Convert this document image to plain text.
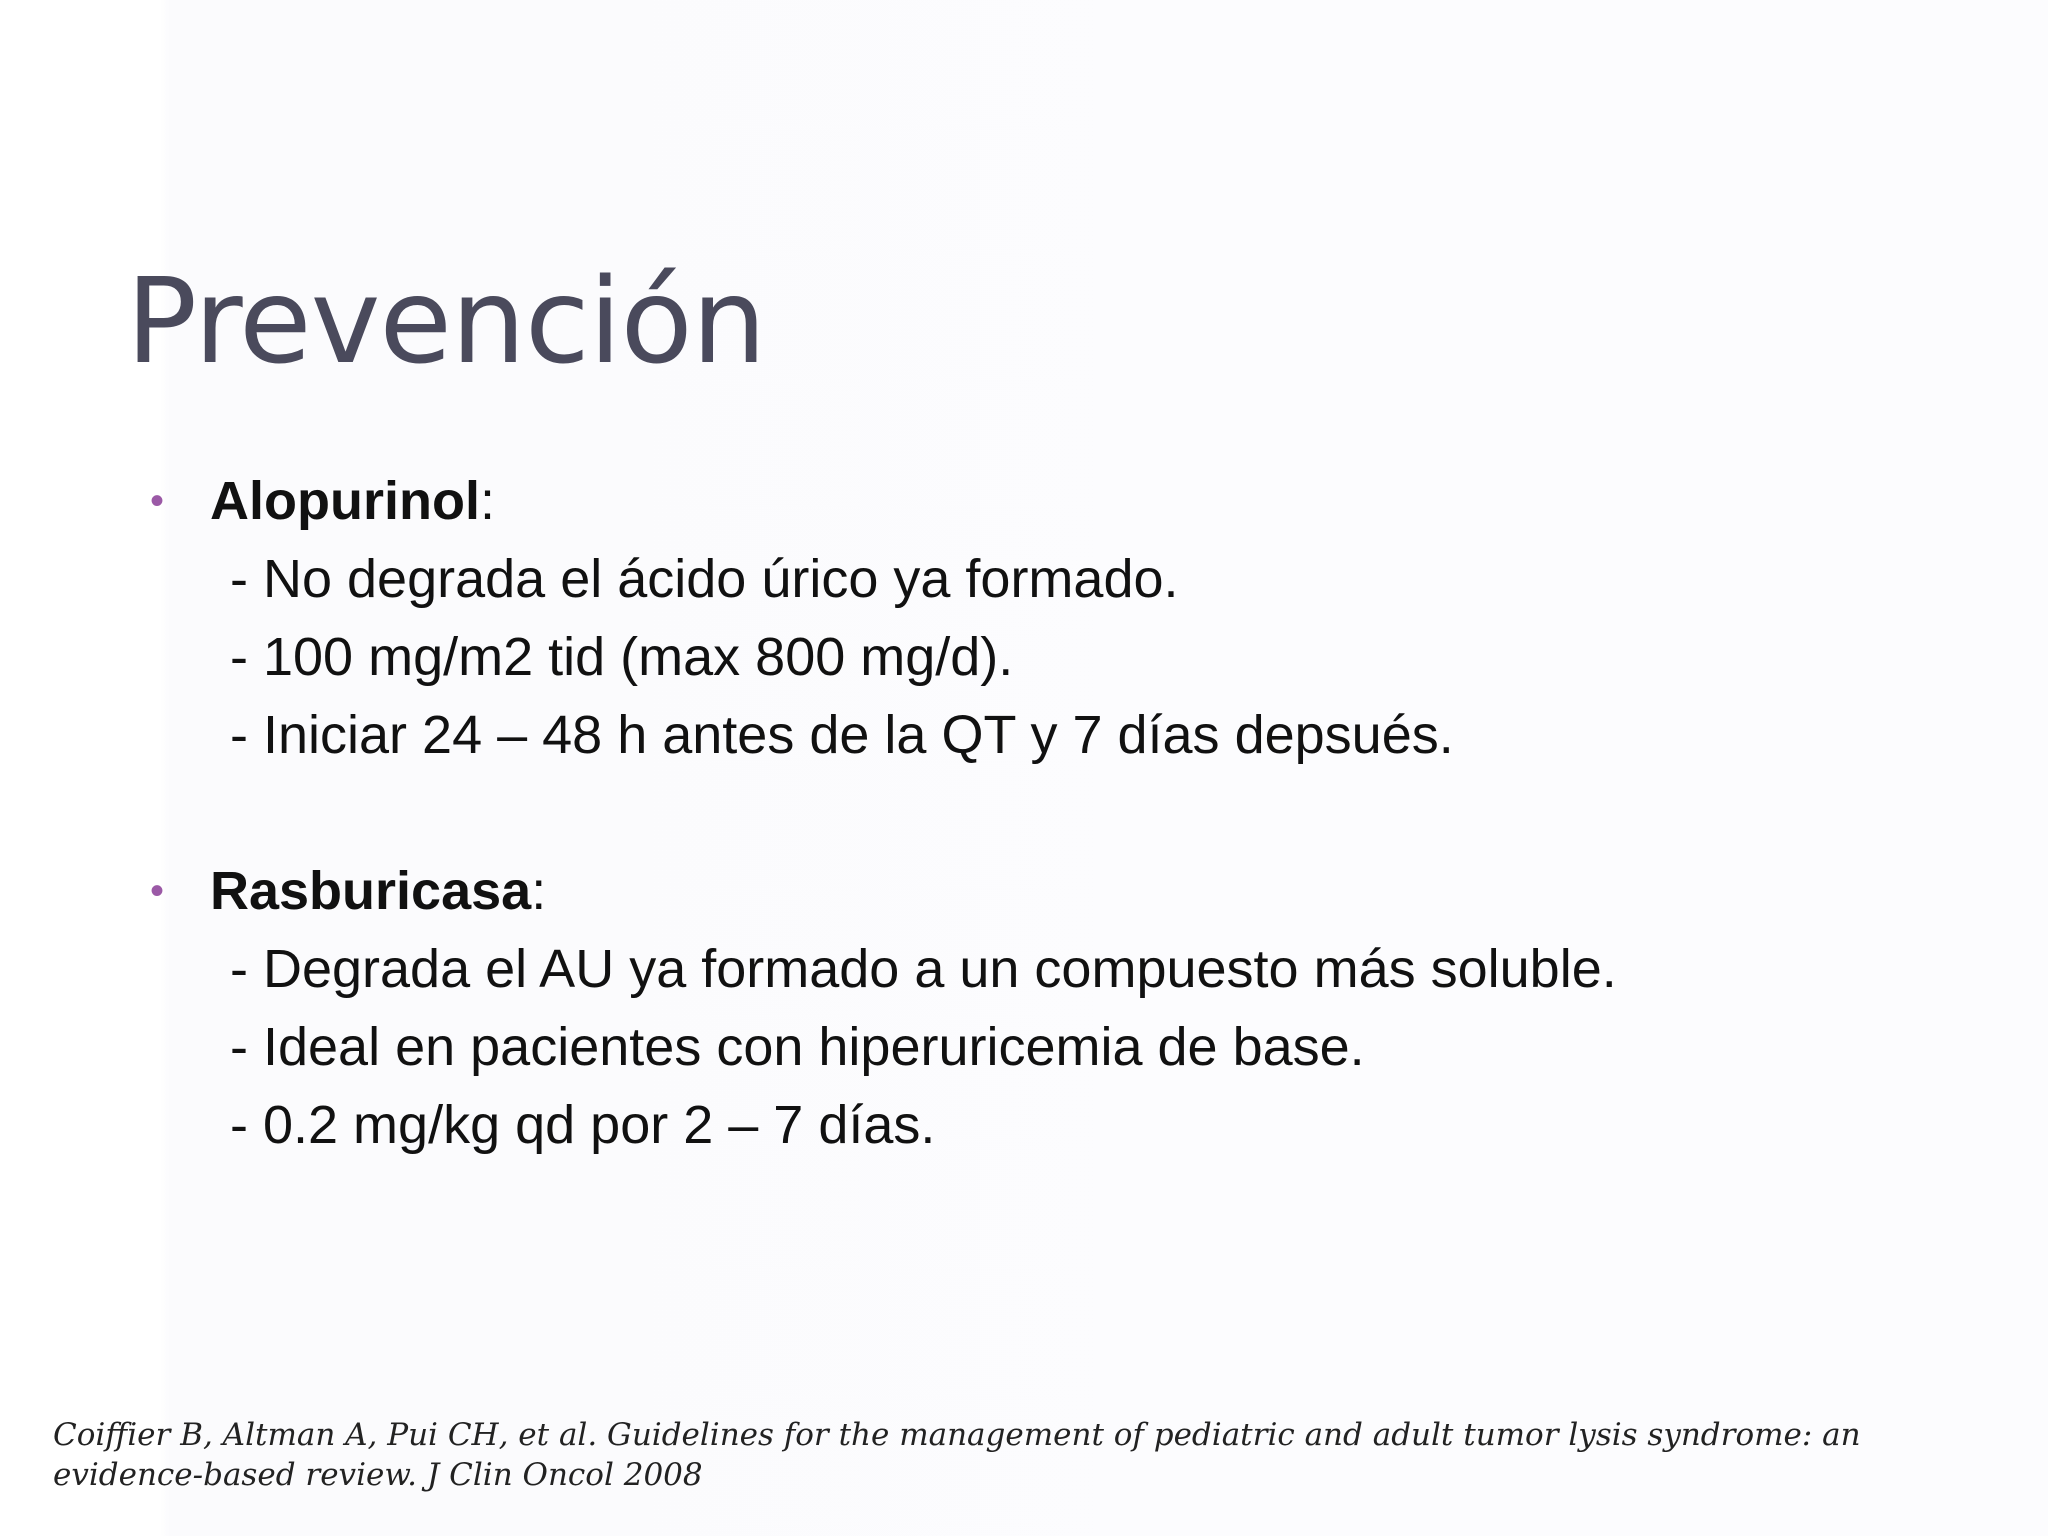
Prevención
• Alopurinol:
- No degrada el ácido úrico ya formado.
- 100 mg/m2 tid (max 800 mg/d).
- Iniciar 24 – 48 h antes de la QT y 7 días depsués.
• Rasburicasa:
- Degrada el AU ya formado a un compuesto más soluble.
- Ideal en pacientes con hiperuricemia de base.
- 0.2 mg/kg qd por 2 – 7 días.
Coiffier B, Altman A, Pui CH, et al. Guidelines for the management of pediatric and adult tumor lysis syndrome: an
evidence-based review. J Clin Oncol 2008
